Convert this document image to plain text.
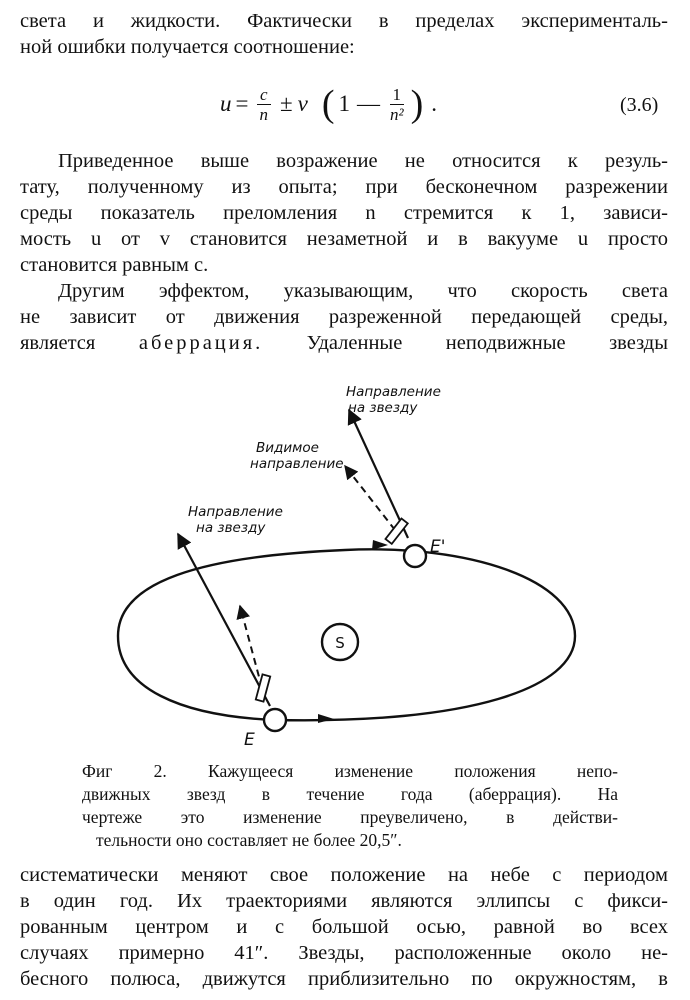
света и жидкости. Фактически в пределах эксперименталь-
ной ошибки получается соотношение:
$u = \frac{c}{n} \pm v$ ( 1 — $\frac{1}{\text{n²}}$ ) .	(3.6)
Приведенное выше возражение не относится к резуль-
тату, полученному из опыта; при бесконечном разрежении
среды показатель преломления n стремится к 1, зависи-
мость u от v становится незаметной и в вакууме u просто
становится равным c.
Другим эффектом, указывающим, что скорость света
не зависит от движения разреженной передающей среды,
является аберрация. Удаленные неподвижные звезды
S
E'
Направление
на звезду
Видимое
направление
Направление
на звезду
E
Фиг 2. Кажущееся изменение положения непо-
движных звезд в течение года (аберрация). На
чертеже это изменение преувеличено, в действи-
тельности оно составляет не более 20,5″.
систематически меняют свое положение на небе с периодом
в один год. Их траекториями являются эллипсы с фикси-
рованным центром и с большой осью, равной во всех
случаях примерно 41″. Звезды, расположенные около не-
бесного полюса, движутся приблизительно по окружностям, в
